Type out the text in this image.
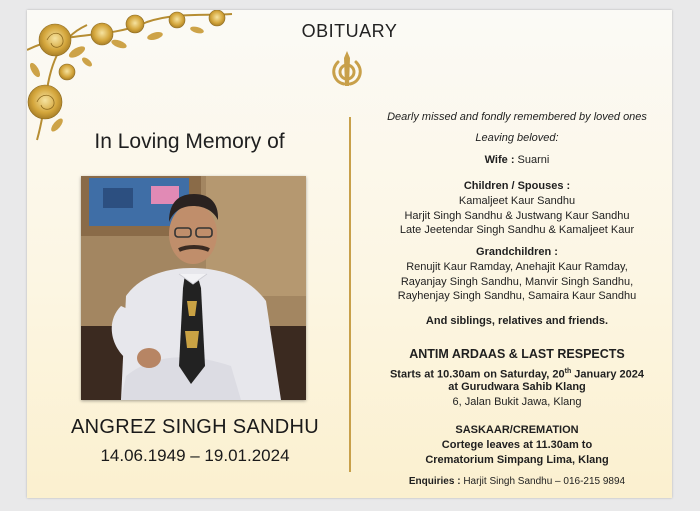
OBITUARY
In Loving Memory of
ANGREZ SINGH SANDHU
14.06.1949 – 19.01.2024
Dearly missed and fondly remembered by loved ones
Leaving beloved:
Wife : Suarni
Children / Spouses :
Kamaljeet Kaur Sandhu
Harjit Singh Sandhu & Justwang Kaur Sandhu
Late Jeetendar Singh Sandhu & Kamaljeet Kaur
Grandchildren :
Renujit Kaur Ramday, Anehajit Kaur Ramday,
Rayanjay Singh Sandhu, Manvir Singh Sandhu,
Rayhenjay Singh Sandhu, Samaira Kaur Sandhu
And siblings, relatives and friends.
ANTIM ARDAAS & LAST RESPECTS
Starts at 10.30am on Saturday, 20th January 2024
at Gurudwara Sahib Klang
6, Jalan Bukit Jawa, Klang
SASKAAR/CREMATION
Cortege leaves at 11.30am to
Crematorium Simpang Lima, Klang
Enquiries : Harjit Singh Sandhu – 016-215 9894
